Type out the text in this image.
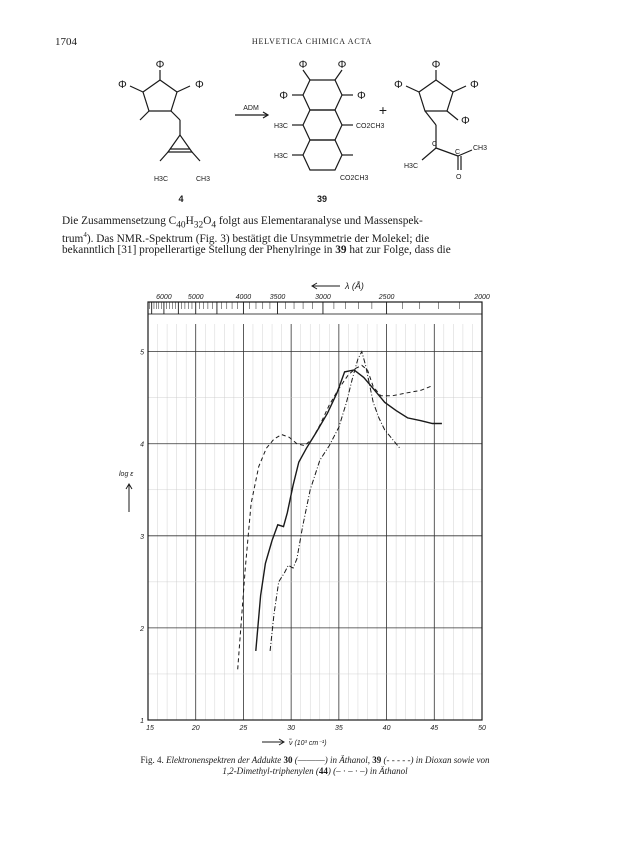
1704	HELVETICA CHIMICA ACTA
Φ
Φ
Φ
H3C	CH3
4
ADM
Φ	Φ
Φ	Φ
H3C	CO2CH3
H3C
CO2CH3
39
+
Φ
Φ
Φ
Φ
H3C
CH3
C
C
O
Die Zusammensetzung $C_{40}H_{32}O_4$ folgt aus Elementaranalyse und Massenspek-
trum$^4$). Das NMR.-Spektrum (Fig. 3) bestätigt die Unsymmetrie der Molekel; die
bekanntlich [31] propellerartige Stellung der Phenylringe in 39 hat zur Folge, dass die
λ (Å)
6000 5000	4000	3500	3000	2500	2000
15	20	25	30	35	40	45	50
1
2
3
4
5
log ε
ν̃ (10³ cm⁻¹)
Fig. 4. Elektronenspektren der Addukte 30 (———) in Äthanol, 39 (- - - - -) in Dioxan sowie von
1,2-Dimethyl-triphenylen (44) (– · – · –) in Äthanol
